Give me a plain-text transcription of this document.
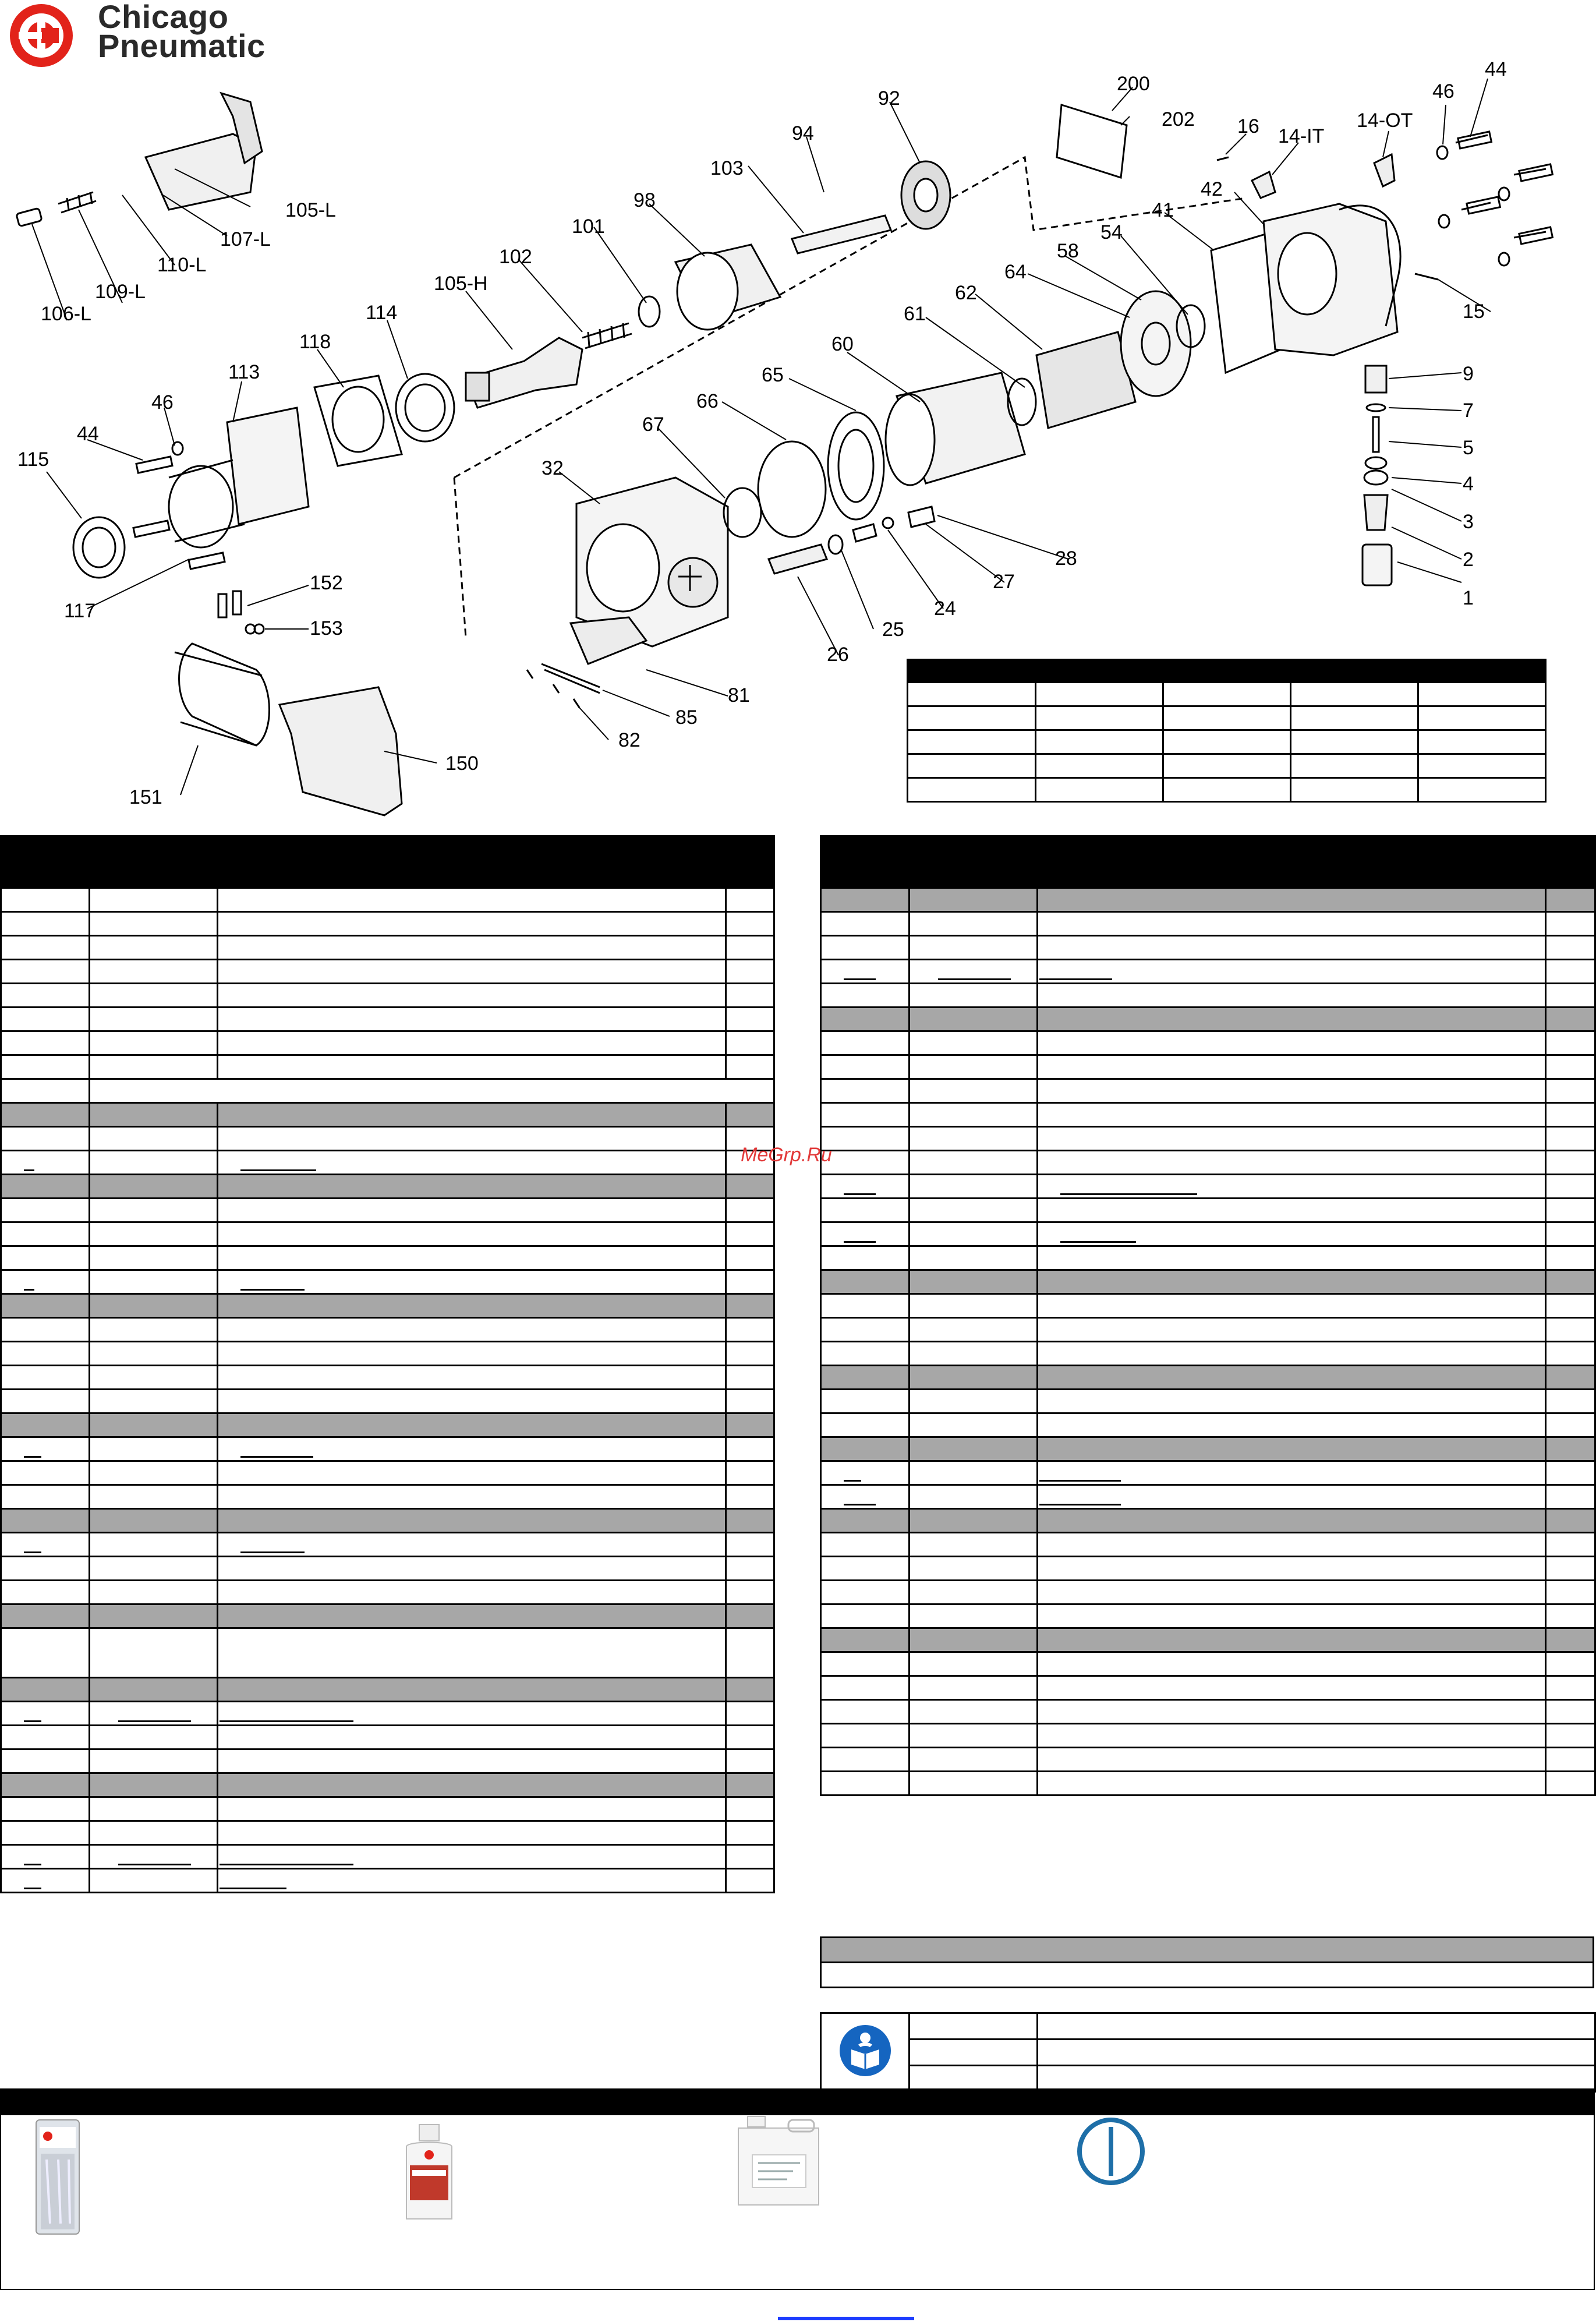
Chicago
Pneumatic
1
2
4
5
7
9
3
15
14-OT
14-IT
16
44
46
200
202
42
41
54
58
64
62
61
60
65
66
67
32
92
94
103
98
101
102
105-H
105-L
107-L
110-L
109-L
106-L	114
118
113
46
44
115
117
152
153
151
150
81
85
82
26
25
24
27
28

MeGrp.Ru
